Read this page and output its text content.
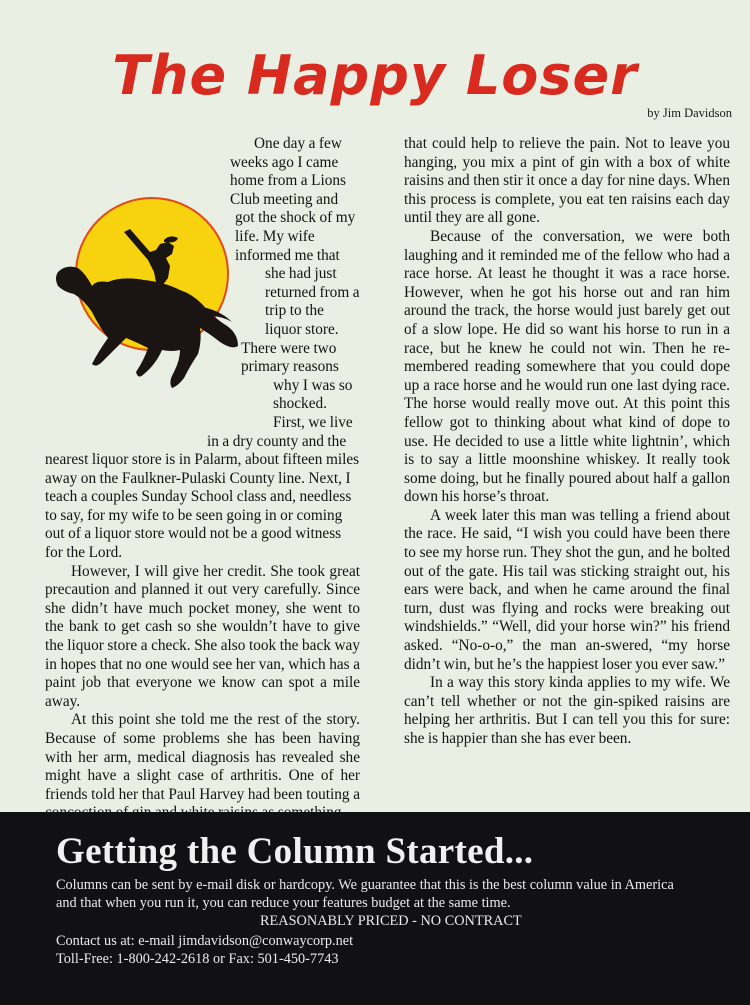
The Happy Loser
by Jim Davidson

One day a few weeks ago I came home from a Lions Club meeting and got the shock of my life. My wife informed me that she had just returned from a trip to the liquor store. There were two primary reasons why I was so shocked. First, we live in a dry county and the nearest liquor store is in Palarm, about fifteen miles away on the Faulkner-Pulaski County line. Next, I teach a couples Sunday School class and, needless to say, for my wife to be seen going in or coming out of a liquor store would not be a good witness for the Lord.

However, I will give her credit. She took great precaution and planned it out very carefully. Since she didn’t have much pocket money, she went to the bank to get cash so she wouldn’t have to give the liquor store a check. She also took the back way in hopes that no one would see her van, which has a paint job that everyone we know can spot a mile away.

At this point she told me the rest of the story. Because of some problems she has been having with her arm, medical diagnosis has revealed she might have a slight case of arthritis. One of her friends told her that Paul Harvey had been touting a

that could help to relieve the pain. Not to leave you hanging, you mix a pint of gin with a box of white raisins and then stir it once a day for nine days. When this process is complete, you eat ten raisins each day until they are all gone.

Because of the conversation, we were both laughing and it reminded me of the fellow who had a race horse. At least he thought it was a race horse. However, when he got his horse out and ran him around the track, the horse would just barely get out of a slow lope. He did so want his horse to run in a race, but he knew he could not win. Then he re-membered reading somewhere that you could dope up a race horse and he would run one last dying race. The horse would really move out. At this point this fellow got to thinking about what kind of dope to use. He decided to use a little white lightnin’, which is to say a little moonshine whiskey. It really took some doing, but he finally poured about half a gallon down his horse’s throat.

A week later this man was telling a friend about the race. He said, “I wish you could have been there to see my horse run. They shot the gun, and he bolted out of the gate. His tail was sticking straight out, his ears were back, and when he came around the final turn, dust was flying and rocks were breaking out windshields.” “Well, did your horse win?” his friend asked. “No-o-o,” the man an-swered, “my horse didn’t win, but he’s the happiest loser you ever saw.”

In a way this story kinda applies to my wife. We can’t tell whether or not the gin-spiked raisins are helping her arthritis. But I can tell you this for sure: she is happier than she has ever been.

Getting the Column Started...
Columns can be sent by e-mail disk or hardcopy. We guarantee that this is the best column value in America
and that when you run it, you can reduce your features budget at the same time.
REASONABLY PRICED - NO CONTRACT
Contact us at: e-mail jimdavidson@conwaycorp.net
Toll-Free: 1-800-242-2618 or Fax: 501-450-7743
